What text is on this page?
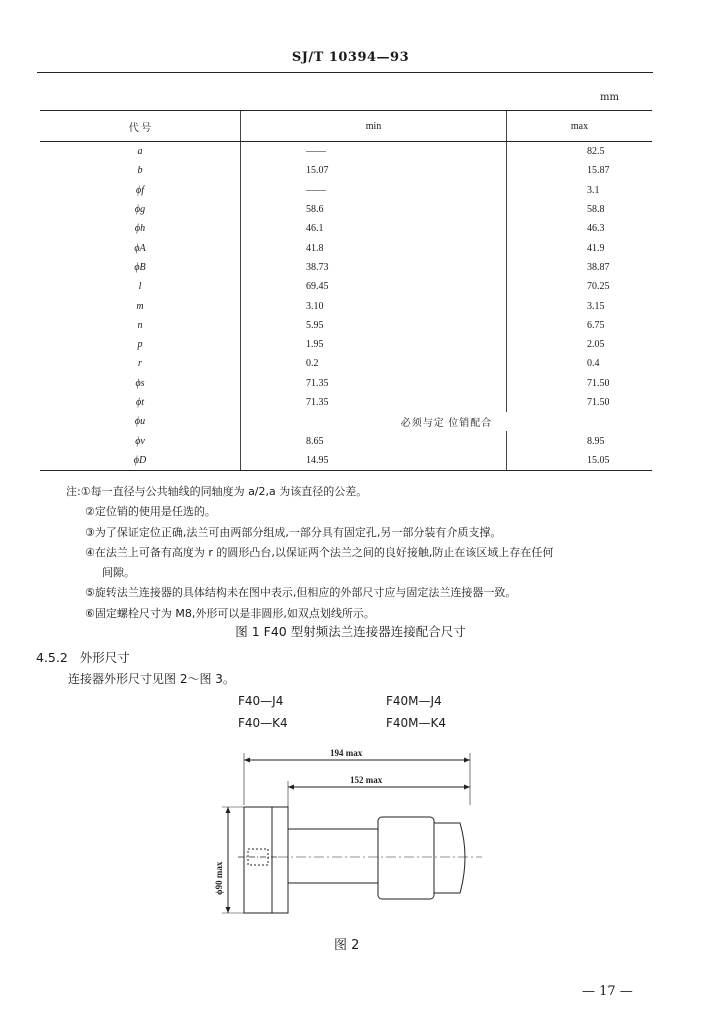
SJ/T 10394—93
mm
代 号	min	max
a	——	82.5
b	15.07	15.87
ϕf	——	3.1
ϕg	58.6	58.8
ϕh	46.1	46.3
ϕA	41.8	41.9
ϕB	38.73	38.87
l	69.45	70.25
m	3.10	3.15
n	5.95	6.75
p	1.95	2.05
r	0.2	0.4
ϕs	71.35	71.50
ϕt	71.35	71.50
ϕu	必须与定 位销配合	
ϕv	8.65	8.95
ϕD	14.95	15.05
注:①每一直径与公共轴线的同轴度为 a/2,a 为该直径的公差。
②定位销的使用是任选的。
③为了保证定位正确,法兰可由两部分组成,一部分具有固定孔,另一部分装有介质支撑。
④在法兰上可备有高度为 r 的圆形凸台,以保证两个法兰之间的良好接触,防止在该区域上存在任何
间隙。
⑤旋转法兰连接器的具体结构未在图中表示,但相应的外部尺寸应与固定法兰连接器一致。
⑥固定螺栓尺寸为 M8,外形可以是非圆形,如双点划线所示。
图 1 F40 型射频法兰连接器连接配合尺寸
4.5.2 外形尺寸
连接器外形尺寸见图 2～图 3。
F40—J4	F40M—J4
F40—K4	F40M—K4
194 max
152 max
ϕ90 max
图 2
— 17 —
